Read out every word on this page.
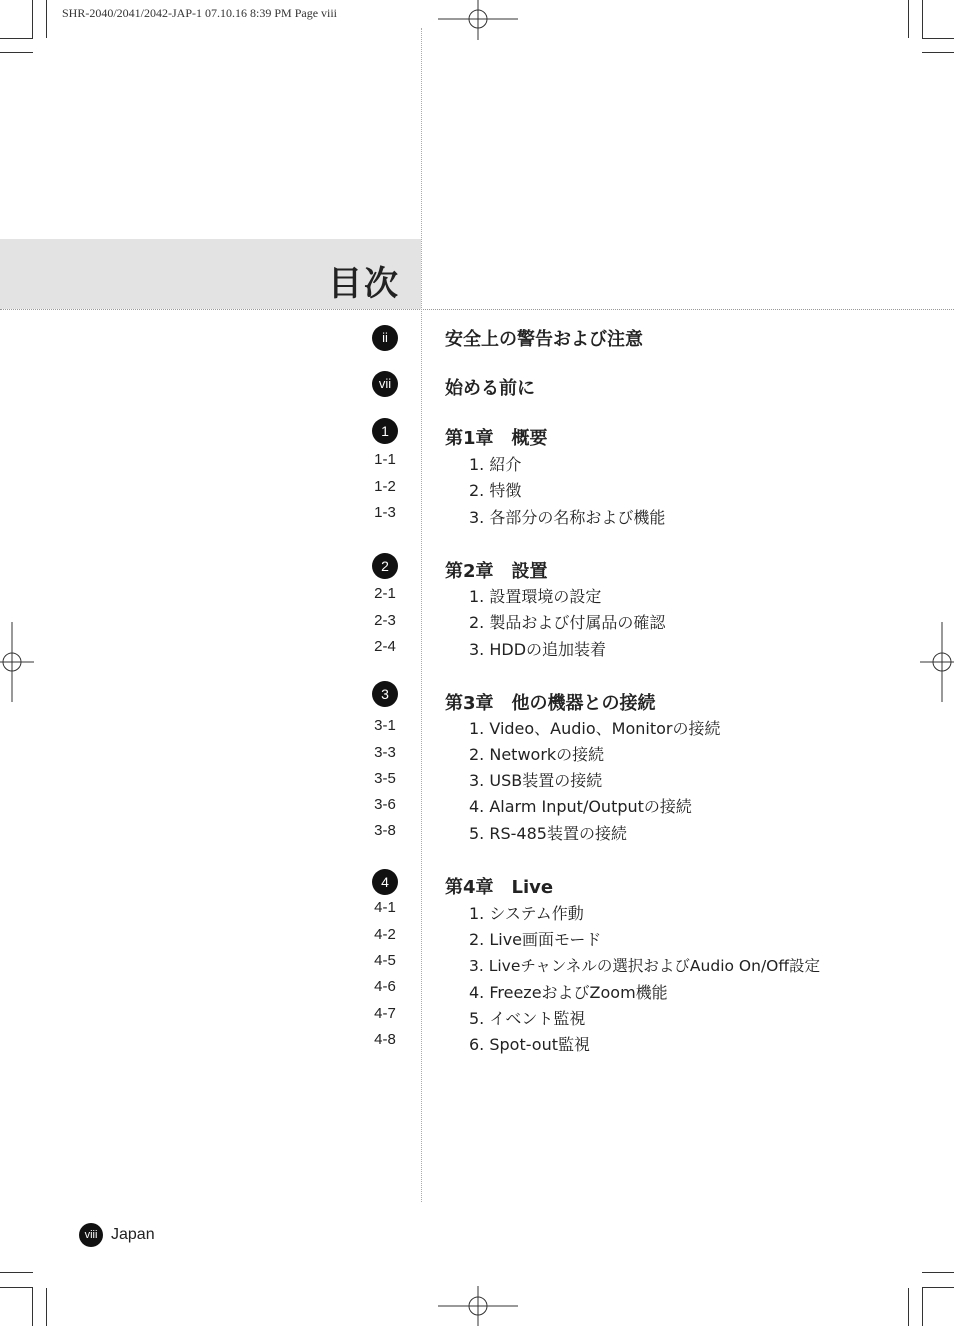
SHR-2040/2041/2042-JAP-1 07.10.16 8:39 PM Page viii
目次
ii	安全上の警告および注意
vii	始める前に
1	第1章　概要
1-1	1. 紹介
1-2	2. 特徴
1-3	3. 各部分の名称および機能
2	第2章　設置
2-1	1. 設置環境の設定
2-3	2. 製品および付属品の確認
2-4	3. HDDの追加装着
3	第3章　他の機器との接続
3-1	1. Video、Audio、Monitorの接続
3-3	2. Networkの接続
3-5	3. USB装置の接続
3-6	4. Alarm Input/Outputの接続
3-8	5. RS-485装置の接続
4	第4章　Live
4-1	1. システム作動
4-2	2. Live画面モード
4-5	3. Liveチャンネルの選択およびAudio On/Off設定
4-6	4. FreezeおよびZoom機能
4-7	5. イベント監視
4-8	6. Spot-out監視
viii Japan
